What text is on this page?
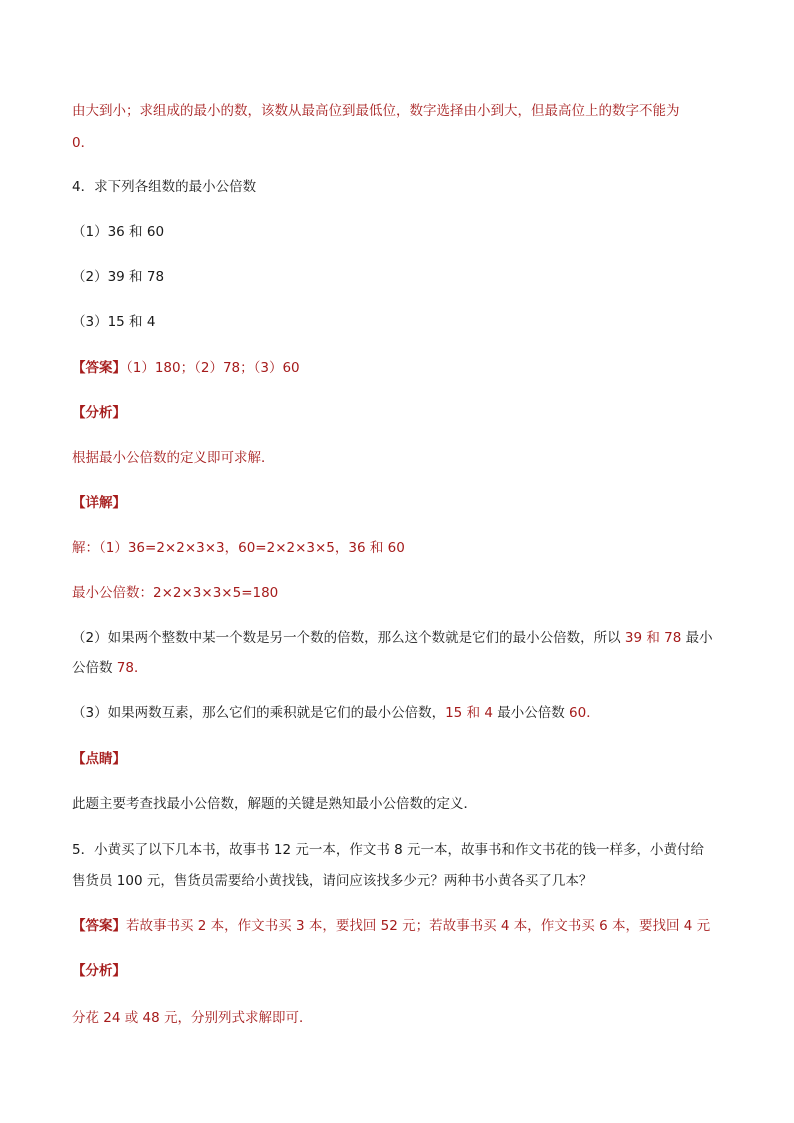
由大到小；求组成的最小的数，该数从最高位到最低位，数字选择由小到大，但最高位上的数字不能为
0．
4．求下列各组数的最小公倍数
（1）36 和 60
（2）39 和 78
（3）15 和 4
【答案】（1）180；（2）78；（3）60
【分析】
根据最小公倍数的定义即可求解．
【详解】
解：（1）36=2×2×3×3，60=2×2×3×5，36 和 60
最小公倍数：2×2×3×3×5=180
（2）如果两个整数中某一个数是另一个数的倍数，那么这个数就是它们的最小公倍数，所以 39 和 78 最小
公倍数 78．
（3）如果两数互素，那么它们的乘积就是它们的最小公倍数，15 和 4 最小公倍数 60．
【点睛】
此题主要考查找最小公倍数，解题的关键是熟知最小公倍数的定义．
5．小黄买了以下几本书，故事书 12 元一本，作文书 8 元一本，故事书和作文书花的钱一样多，小黄付给
售货员 100 元，售货员需要给小黄找钱，请问应该找多少元？两种书小黄各买了几本？
【答案】若故事书买 2 本，作文书买 3 本，要找回 52 元；若故事书买 4 本，作文书买 6 本，要找回 4 元
【分析】
分花 24 或 48 元，分别列式求解即可．
